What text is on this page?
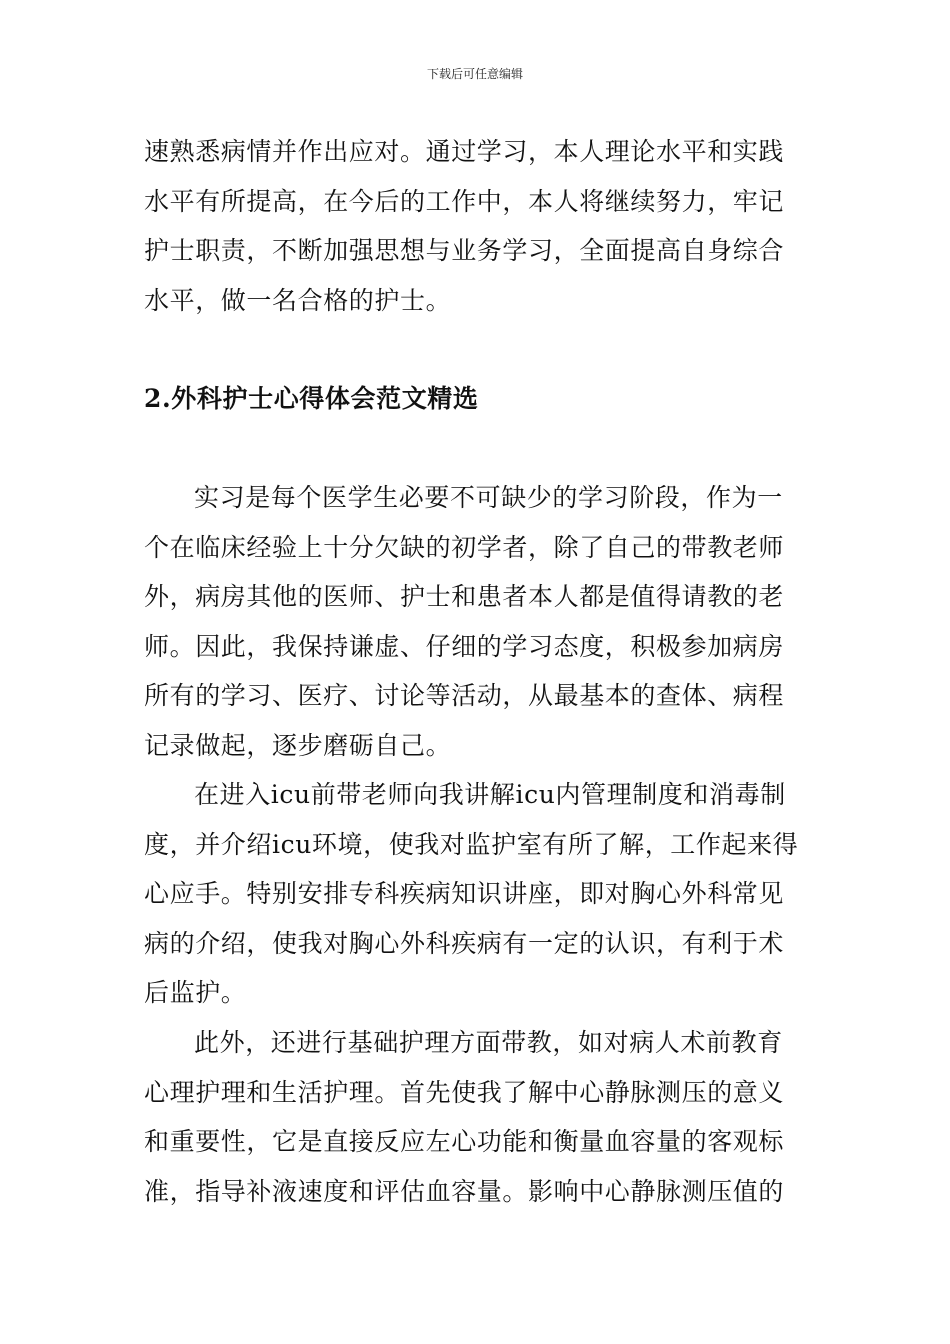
下载后可任意编辑
速熟悉病情并作出应对。通过学习，本人理论水平和实践
水平有所提高，在今后的工作中，本人将继续努力，牢记
护士职责，不断加强思想与业务学习，全面提高自身综合
水平，做一名合格的护士。
2.外科护士心得体会范文精选
实习是每个医学生必要不可缺少的学习阶段，作为一
个在临床经验上十分欠缺的初学者，除了自己的带教老师
外，病房其他的医师、护士和患者本人都是值得请教的老
师。因此，我保持谦虚、仔细的学习态度，积极参加病房
所有的学习、医疗、讨论等活动，从最基本的查体、病程
记录做起，逐步磨砺自己。
在进入icu前带老师向我讲解icu内管理制度和消毒制
度，并介绍icu环境，使我对监护室有所了解，工作起来得
心应手。特别安排专科疾病知识讲座，即对胸心外科常见
病的介绍，使我对胸心外科疾病有一定的认识，有利于术
后监护。
此外，还进行基础护理方面带教，如对病人术前教育
心理护理和生活护理。首先使我了解中心静脉测压的意义
和重要性，它是直接反应左心功能和衡量血容量的客观标
准，指导补液速度和评估血容量。影响中心静脉测压值的
